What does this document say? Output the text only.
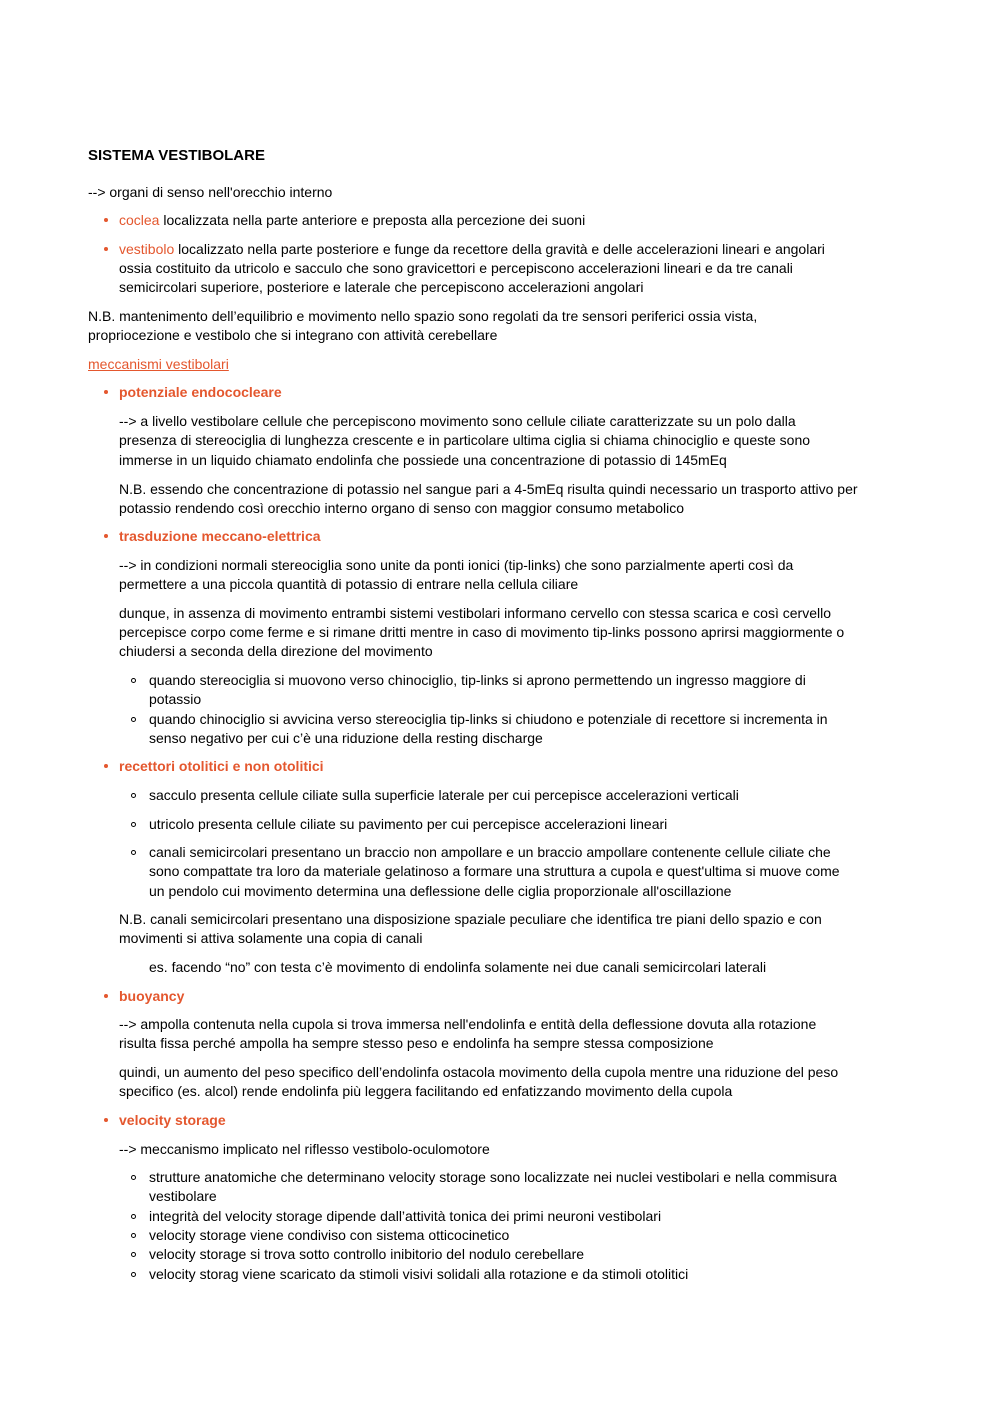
SISTEMA VESTIBOLARE
--> organi di senso nell'orecchio interno
coclea localizzata nella parte anteriore e preposta alla percezione dei suoni
vestibolo localizzato nella parte posteriore e funge da recettore della gravità e delle accelerazioni lineari e angolari
ossia costituito da utricolo e sacculo che sono gravicettori e percepiscono accelerazioni lineari e da tre canali
semicircolari superiore, posteriore e laterale che percepiscono accelerazioni angolari
N.B. mantenimento dell’equilibrio e movimento nello spazio sono regolati da tre sensori periferici ossia vista,
propriocezione e vestibolo che si integrano con attività cerebellare
meccanismi vestibolari
potenziale endococleare
--> a livello vestibolare cellule che percepiscono movimento sono cellule ciliate caratterizzate su un polo dalla
presenza di stereociglia di lunghezza crescente e in particolare ultima ciglia si chiama chinociglio e queste sono
immerse in un liquido chiamato endolinfa che possiede una concentrazione di potassio di 145mEq
N.B. essendo che concentrazione di potassio nel sangue pari a 4-5mEq risulta quindi necessario un trasporto attivo per
potassio rendendo così orecchio interno organo di senso con maggior consumo metabolico
trasduzione meccano-elettrica
--> in condizioni normali stereociglia sono unite da ponti ionici (tip-links) che sono parzialmente aperti così da
permettere a una piccola quantità di potassio di entrare nella cellula ciliare
dunque, in assenza di movimento entrambi sistemi vestibolari informano cervello con stessa scarica e così cervello
percepisce corpo come ferme e si rimane dritti mentre in caso di movimento tip-links possono aprirsi maggiormente o
chiudersi a seconda della direzione del movimento
quando stereociglia si muovono verso chinociglio, tip-links si aprono permettendo un ingresso maggiore di
potassio
quando chinociglio si avvicina verso stereociglia tip-links si chiudono e potenziale di recettore si incrementa in
senso negativo per cui c’è una riduzione della resting discharge
recettori otolitici e non otolitici
sacculo presenta cellule ciliate sulla superficie laterale per cui percepisce accelerazioni verticali
utricolo presenta cellule ciliate su pavimento per cui percepisce accelerazioni lineari
canali semicircolari presentano un braccio non ampollare e un braccio ampollare contenente cellule ciliate che
sono compattate tra loro da materiale gelatinoso a formare una struttura a cupola e quest'ultima si muove come
un pendolo cui movimento determina una deflessione delle ciglia proporzionale all'oscillazione
N.B. canali semicircolari presentano una disposizione spaziale peculiare che identifica tre piani dello spazio e con
movimenti si attiva solamente una copia di canali
es. facendo “no” con testa c’è movimento di endolinfa solamente nei due canali semicircolari laterali
buoyancy
--> ampolla contenuta nella cupola si trova immersa nell'endolinfa e entità della deflessione dovuta alla rotazione
risulta fissa perché ampolla ha sempre stesso peso e endolinfa ha sempre stessa composizione
quindi, un aumento del peso specifico dell’endolinfa ostacola movimento della cupola mentre una riduzione del peso
specifico (es. alcol) rende endolinfa più leggera facilitando ed enfatizzando movimento della cupola
velocity storage
--> meccanismo implicato nel riflesso vestibolo-oculomotore
strutture anatomiche che determinano velocity storage sono localizzate nei nuclei vestibolari e nella commisura
vestibolare
integrità del velocity storage dipende dall’attività tonica dei primi neuroni vestibolari
velocity storage viene condiviso con sistema otticocinetico
velocity storage si trova sotto controllo inibitorio del nodulo cerebellare
velocity storag viene scaricato da stimoli visivi solidali alla rotazione e da stimoli otolitici
